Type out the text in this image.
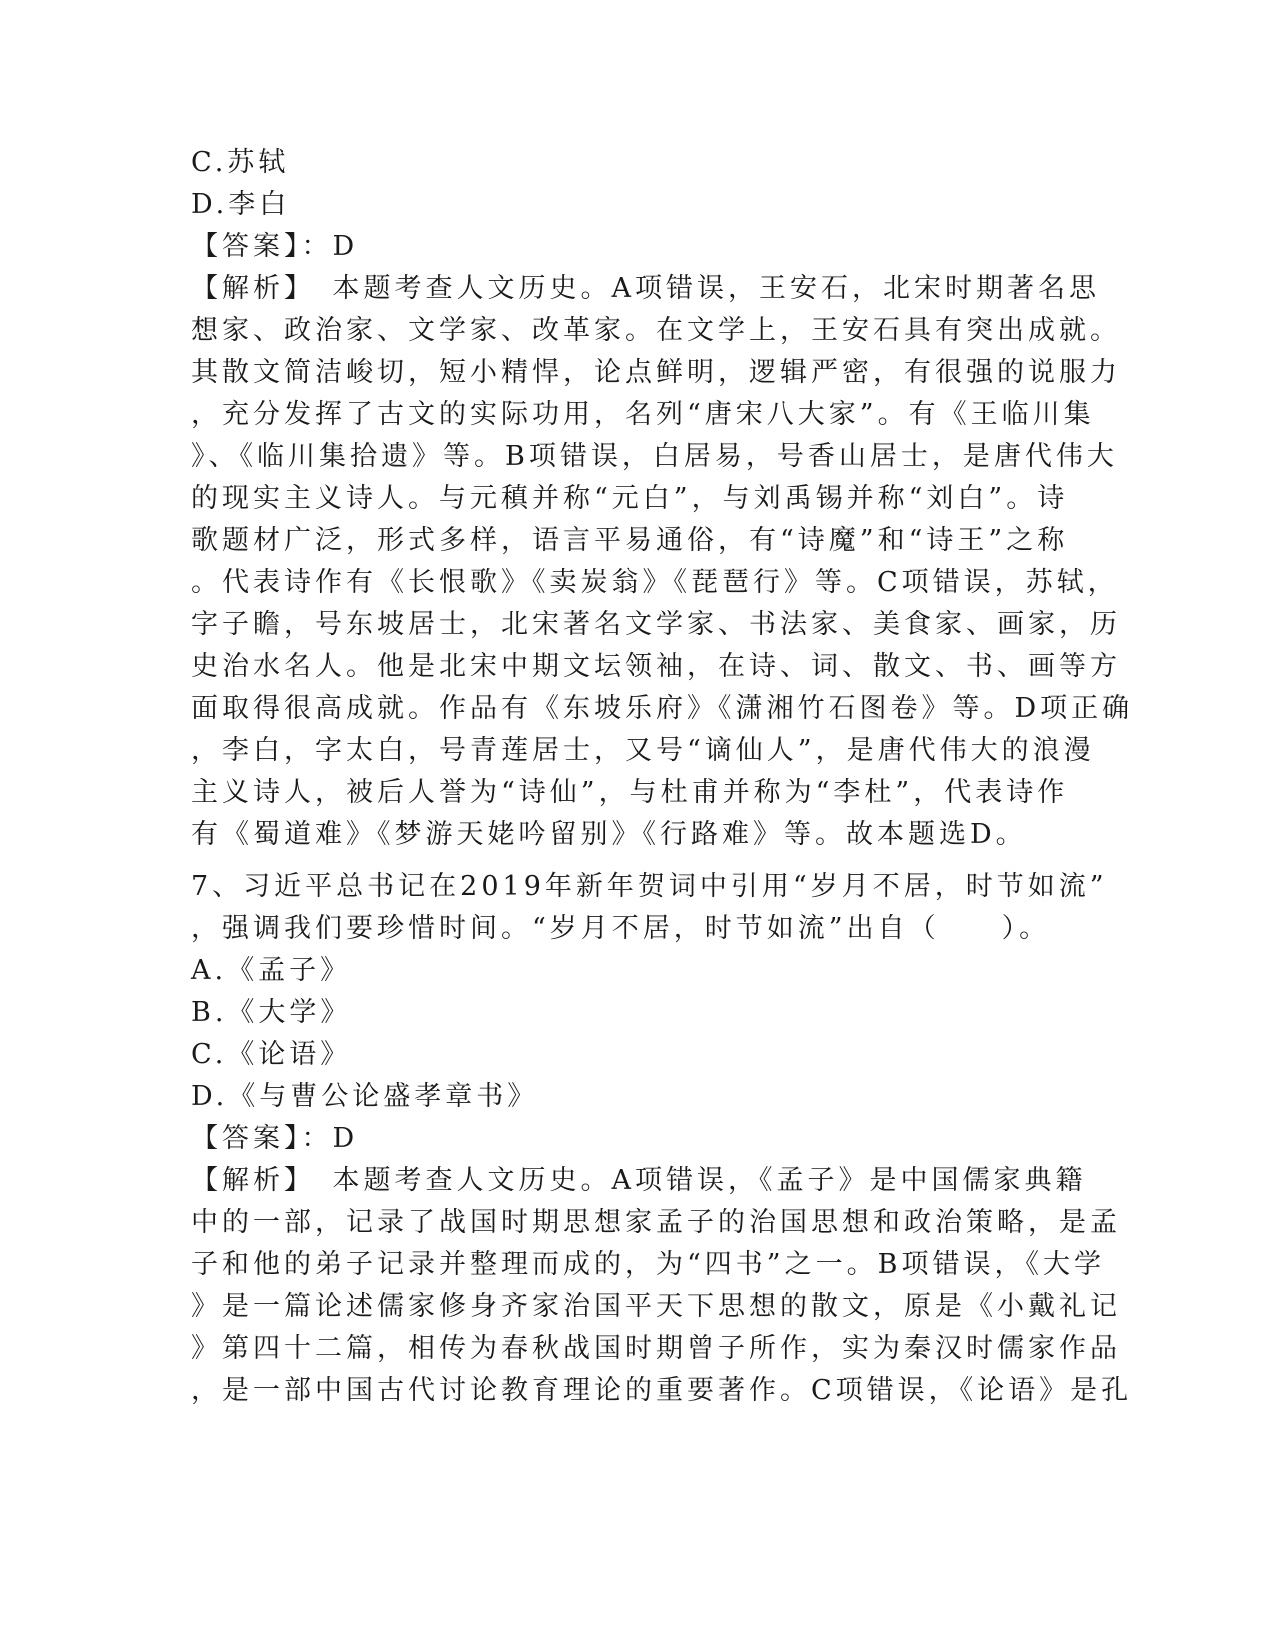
C.苏轼
D.李白
【答案】：D
【解析】　本题考查人文历史。A项错误，王安石，北宋时期著名思
想家、政治家、文学家、改革家。在文学上，王安石具有突出成就。
其散文简洁峻切，短小精悍，论点鲜明，逻辑严密，有很强的说服力
，充分发挥了古文的实际功用，名列“唐宋八大家”。有《王临川集
》、《临川集拾遗》等。B项错误，白居易，号香山居士，是唐代伟大
的现实主义诗人。与元稹并称“元白”，与刘禹锡并称“刘白”。诗
歌题材广泛，形式多样，语言平易通俗，有“诗魔”和“诗王”之称
。代表诗作有《长恨歌》《卖炭翁》《琵琶行》等。C项错误，苏轼，
字子瞻，号东坡居士，北宋著名文学家、书法家、美食家、画家，历
史治水名人。他是北宋中期文坛领袖，在诗、词、散文、书、画等方
面取得很高成就。作品有《东坡乐府》《潇湘竹石图卷》等。D项正确
，李白，字太白，号青莲居士，又号“谪仙人”，是唐代伟大的浪漫
主义诗人，被后人誉为“诗仙”，与杜甫并称为“李杜”，代表诗作
有《蜀道难》《梦游天姥吟留别》《行路难》等。故本题选D。
7、习近平总书记在2019年新年贺词中引用“岁月不居，时节如流”
，强调我们要珍惜时间。“岁月不居，时节如流”出自（　　）。
A.《孟子》
B.《大学》
C.《论语》
D.《与曹公论盛孝章书》
【答案】：D
【解析】　本题考查人文历史。A项错误，《孟子》是中国儒家典籍
中的一部，记录了战国时期思想家孟子的治国思想和政治策略，是孟
子和他的弟子记录并整理而成的，为“四书”之一。B项错误，《大学
》是一篇论述儒家修身齐家治国平天下思想的散文，原是《小戴礼记
》第四十二篇，相传为春秋战国时期曾子所作，实为秦汉时儒家作品
，是一部中国古代讨论教育理论的重要著作。C项错误，《论语》是孔
